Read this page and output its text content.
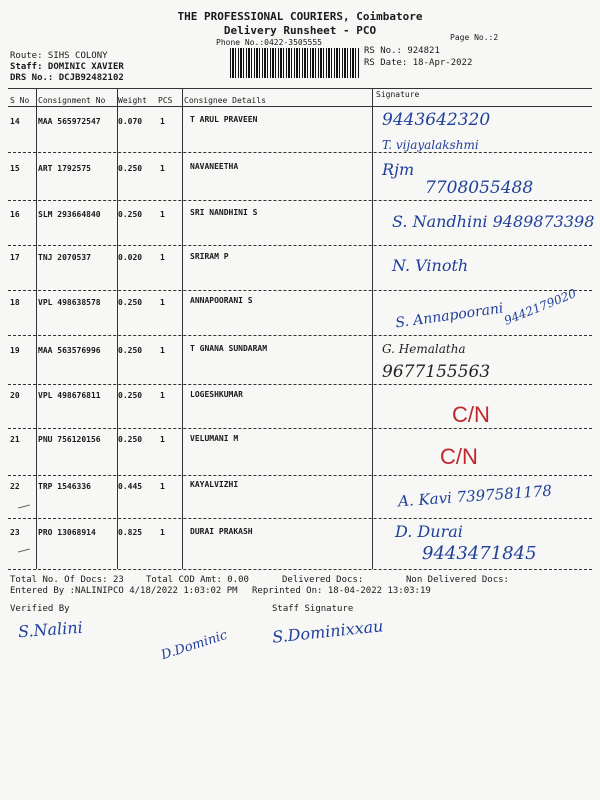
THE PROFESSIONAL COURIERS, Coimbatore
Delivery Runsheet - PCO
Phone No.:0422-3505555
Page No.:2
Route: SIHS COLONY
Staff: DOMINIC XAVIER
DRS No.: DCJB92482102
RS No.: 924821
RS Date: 18-Apr-2022
S No Consignment No Weight PCS Consignee Details
Signature
14 MAA 565972547 0.070 1	T ARUL PRAVEEN	9443642320
T. vijayalakshmi
15 ART 1792575	0.250 1	NAVANEETHA	Rjm
7708055488
16 SLM 293664840 0.250 1	SRI NANDHINI S	S. Nandhini 9489873398
17 TNJ 2070537	0.020 1	SRIRAM P	N. Vinoth
18 VPL 498638578 0.250 1	ANNAPOORANI S
S. Annapoorani
9442179020
19 MAA 563576996 0.250 1	T GNANA SUNDARAM	G. Hemalatha
9677155563
20 VPL 498676811 0.250 1	LOGESHKUMAR
C/N
21 PNU 756120156 0.250 1	VELUMANI M
C/N
22 TRP 1546336	0.445 1	KAYALVIZHI	A. Kavi 7397581178
23 PRO 13068914	0.825 1	DURAI PRAKASH	D. Durai
9443471845
Total No. Of Docs: 23 Total COD Amt: 0.00	Delivered Docs:	Non Delivered Docs:
Entered By :NALINIPCO 4/18/2022 1:03:02 PM Reprinted On: 18-04-2022 13:03:19
Verified By	Staff Signature
S.Nalini	D.Dominic	S.Dominixxau
